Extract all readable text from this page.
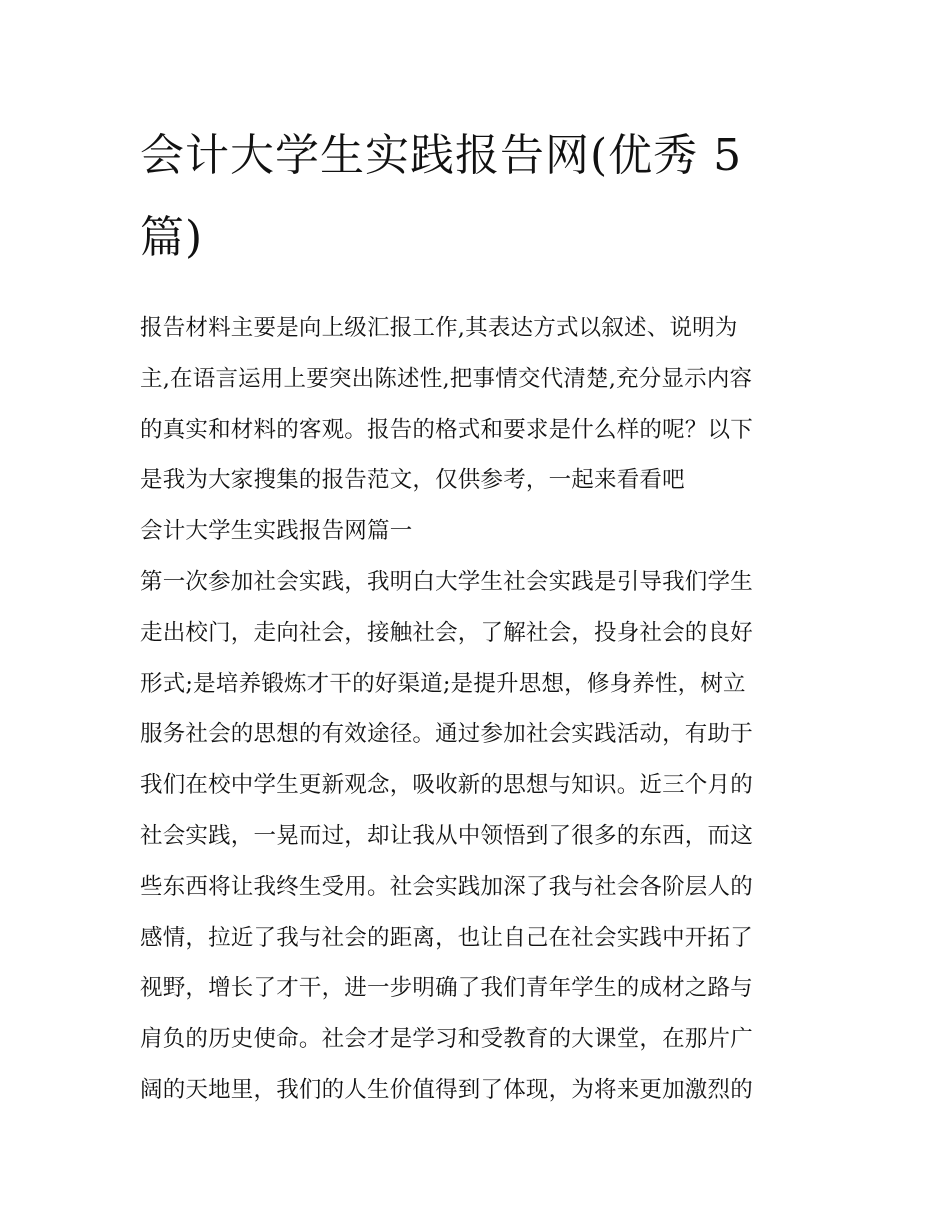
会计大学生实践报告网(优秀 5
篇)
报告材料主要是向上级汇报工作,其表达方式以叙述、说明为
主,在语言运用上要突出陈述性,把事情交代清楚,充分显示内容
的真实和材料的客观。报告的格式和要求是什么样的呢？以下
是我为大家搜集的报告范文，仅供参考，一起来看看吧
会计大学生实践报告网篇一
第一次参加社会实践，我明白大学生社会实践是引导我们学生
走出校门，走向社会，接触社会，了解社会，投身社会的良好
形式;是培养锻炼才干的好渠道;是提升思想，修身养性，树立
服务社会的思想的有效途径。通过参加社会实践活动，有助于
我们在校中学生更新观念，吸收新的思想与知识。近三个月的
社会实践，一晃而过，却让我从中领悟到了很多的东西，而这
些东西将让我终生受用。社会实践加深了我与社会各阶层人的
感情，拉近了我与社会的距离，也让自己在社会实践中开拓了
视野，增长了才干，进一步明确了我们青年学生的成材之路与
肩负的历史使命。社会才是学习和受教育的大课堂，在那片广
阔的天地里，我们的人生价值得到了体现，为将来更加激烈的
